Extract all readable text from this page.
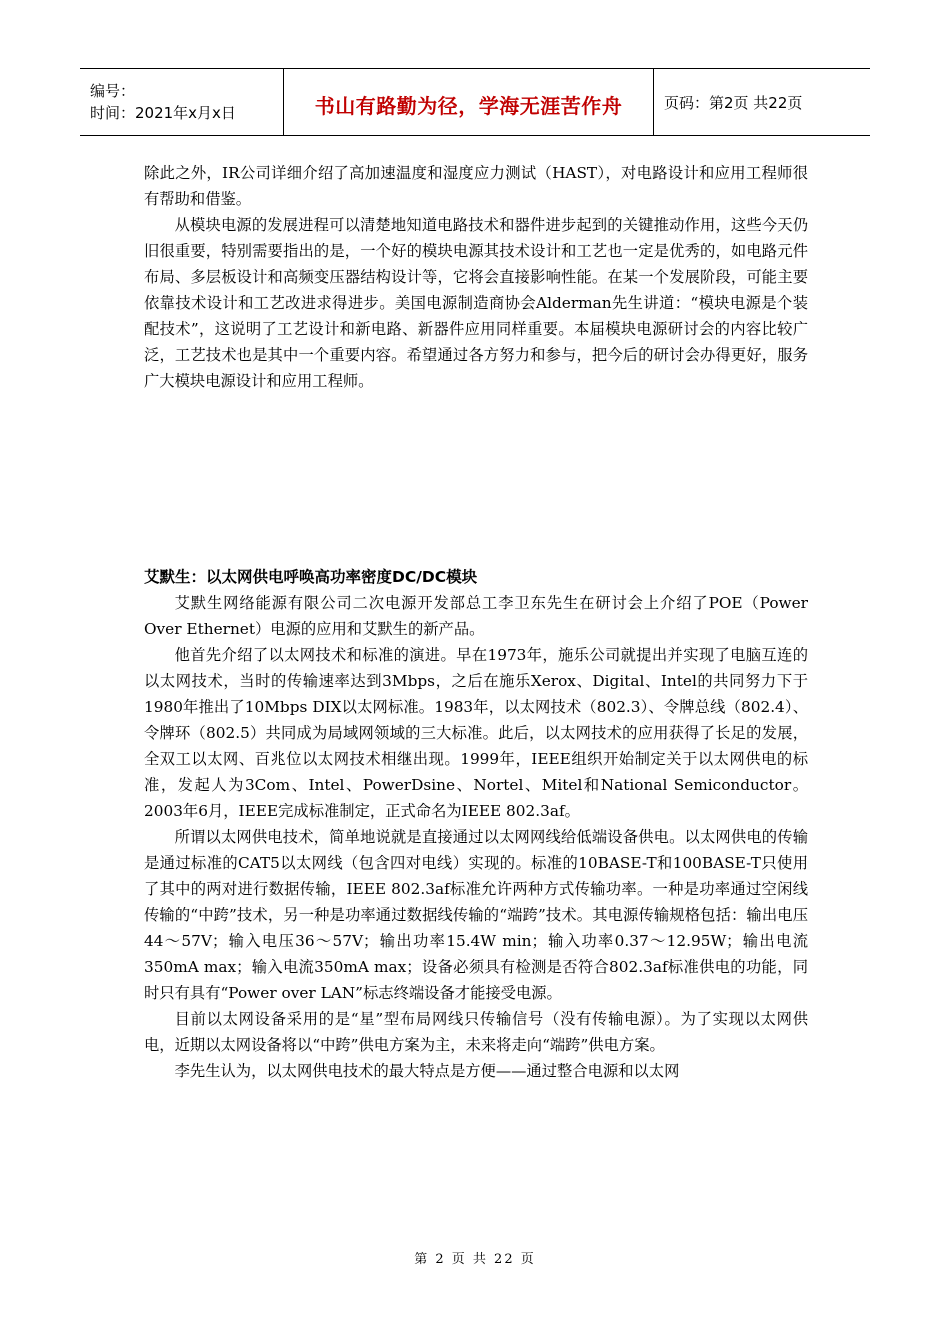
编号：
时间：2021年x月x日	书山有路勤为径，学海无涯苦作舟	页码：第2页 共22页

除此之外，IR公司详细介绍了高加速温度和湿度应力测试（HAST），对电路设计和应用工程师很有帮助和借鉴。

从模块电源的发展进程可以清楚地知道电路技术和器件进步起到的关键推动作用，这些今天仍旧很重要，特别需要指出的是，一个好的模块电源其技术设计和工艺也一定是优秀的，如电路元件布局、多层板设计和高频变压器结构设计等，它将会直接影响性能。在某一个发展阶段，可能主要依靠技术设计和工艺改进求得进步。美国电源制造商协会Alderman先生讲道：“模块电源是个装配技术”，这说明了工艺设计和新电路、新器件应用同样重要。本届模块电源研讨会的内容比较广泛，工艺技术也是其中一个重要内容。希望通过各方努力和参与，把今后的研讨会办得更好，服务广大模块电源设计和应用工程师。

艾默生：以太网供电呼唤高功率密度DC/DC模块

艾默生网络能源有限公司二次电源开发部总工李卫东先生在研讨会上介绍了POE（Power Over Ethernet）电源的应用和艾默生的新产品。

他首先介绍了以太网技术和标准的演进。早在1973年，施乐公司就提出并实现了电脑互连的以太网技术，当时的传输速率达到3Mbps，之后在施乐Xerox、Digital、Intel的共同努力下于1980年推出了10Mbps DIX以太网标准。1983年，以太网技术（802.3）、令牌总线（802.4）、令牌环（802.5）共同成为局域网领域的三大标准。此后，以太网技术的应用获得了长足的发展，全双工以太网、百兆位以太网技术相继出现。1999年，IEEE组织开始制定关于以太网供电的标准，发起人为3Com、Intel、PowerDsine、Nortel、Mitel和National Semiconductor。2003年6月，IEEE完成标准制定，正式命名为IEEE 802.3af。

所谓以太网供电技术，简单地说就是直接通过以太网网线给低端设备供电。以太网供电的传输是通过标准的CAT5以太网线（包含四对电线）实现的。标准的10BASE-T和100BASE-T只使用了其中的两对进行数据传输，IEEE 802.3af标准允许两种方式传输功率。一种是功率通过空闲线传输的“中跨”技术，另一种是功率通过数据线传输的“端跨”技术。其电源传输规格包括：输出电压44～57V；输入电压36～57V；输出功率15.4W min；输入功率0.37～12.95W；输出电流350mA max；输入电流350mA max；设备必须具有检测是否符合802.3af标准供电的功能，同时只有具有“Power over LAN”标志终端设备才能接受电源。

目前以太网设备采用的是“星”型布局网线只传输信号（没有传输电源）。为了实现以太网供电，近期以太网设备将以“中跨”供电方案为主，未来将走向“端跨”供电方案。

李先生认为，以太网供电技术的最大特点是方便——通过整合电源和以太网

第 2 页 共 22 页
